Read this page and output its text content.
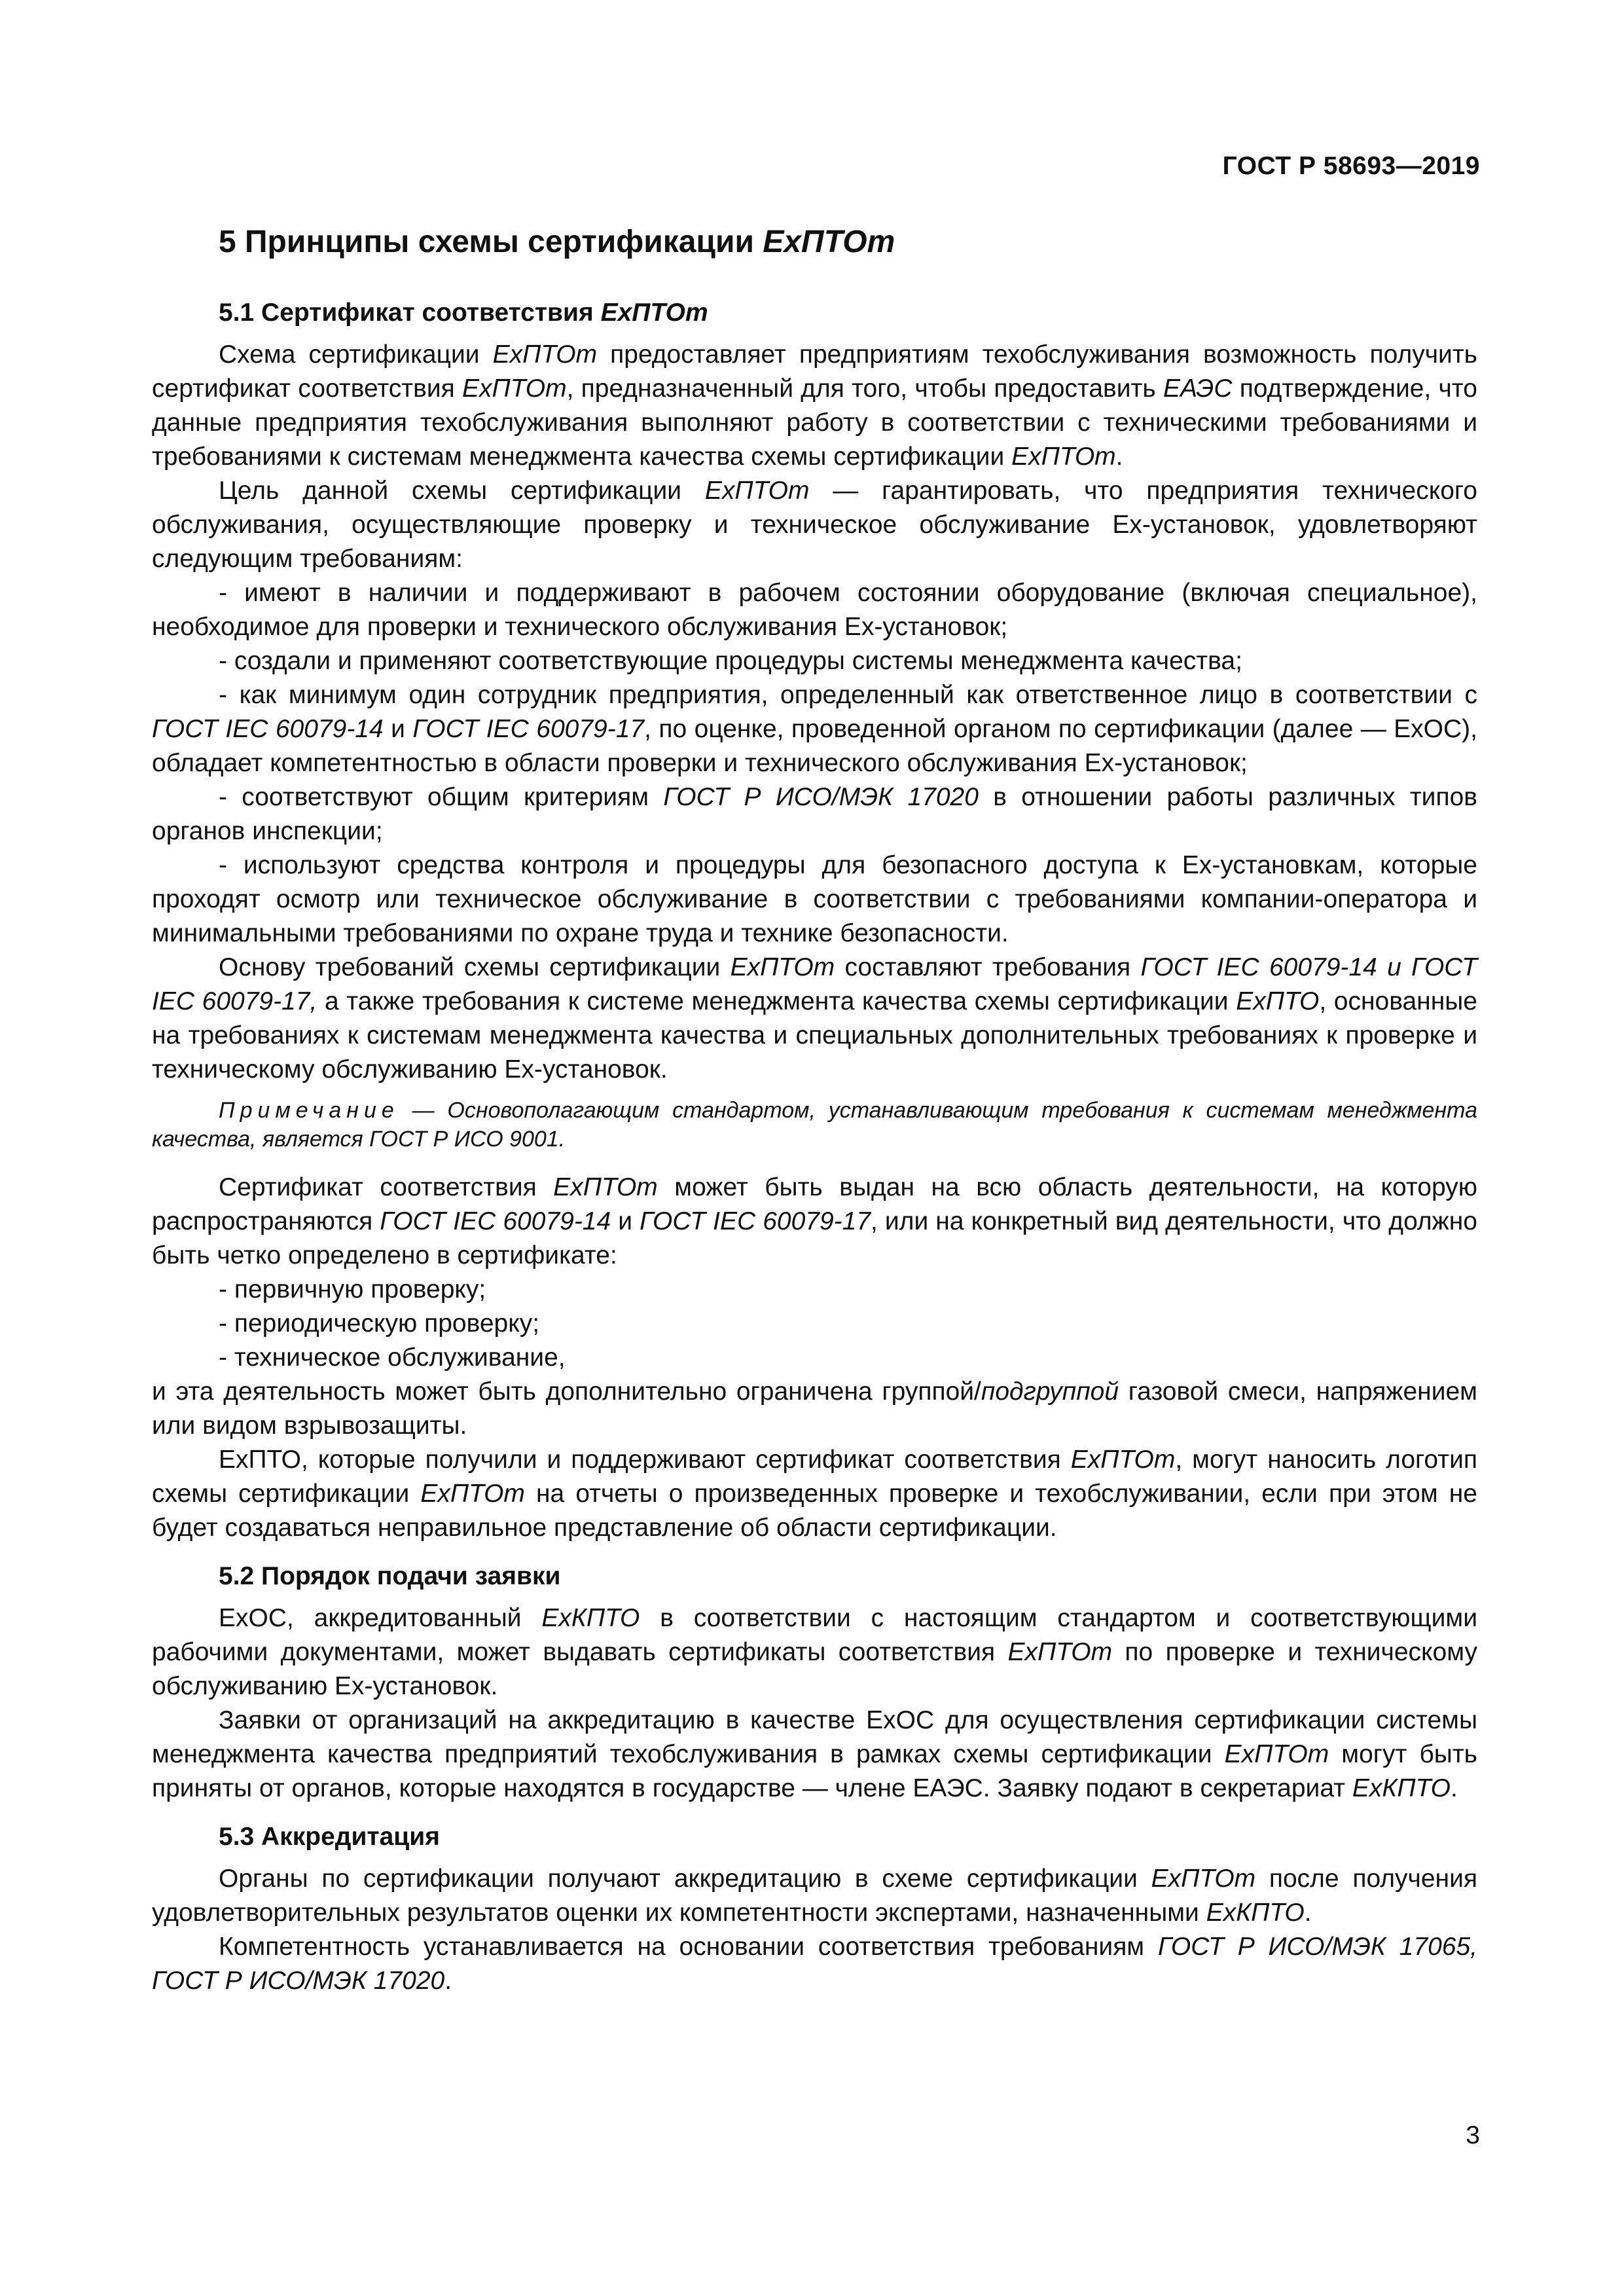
ГОСТ Р 58693—2019
5 Принципы схемы сертификации ExПТОт
5.1 Сертификат соответствия ExПТОт

Схема сертификации ExПТОт предоставляет предприятиям техобслуживания возможность получить сертификат соответствия ExПТОт, предназначенный для того, чтобы предоставить ЕАЭС подтверждение, что данные предприятия техобслуживания выполняют работу в соответствии с техническими требованиями и требованиями к системам менеджмента качества схемы сертификации ExПТОт.

Цель данной схемы сертификации ExПТОт — гарантировать, что предприятия технического обслуживания, осуществляющие проверку и техническое обслуживание Ex-установок, удовлетворяют следующим требованиям:

- имеют в наличии и поддерживают в рабочем состоянии оборудование (включая специальное), необходимое для проверки и технического обслуживания Ex-установок;

- создали и применяют соответствующие процедуры системы менеджмента качества;

- как минимум один сотрудник предприятия, определенный как ответственное лицо в соответствии с ГОСТ IEC 60079-14 и ГОСТ IEC 60079-17, по оценке, проведенной органом по сертификации (далее — ExOC), обладает компетентностью в области проверки и технического обслуживания Ex-установок;

- соответствуют общим критериям ГОСТ Р ИСО/МЭК 17020 в отношении работы различных типов органов инспекции;

- используют средства контроля и процедуры для безопасного доступа к Ex-установкам, которые проходят осмотр или техническое обслуживание в соответствии с требованиями компании-оператора и минимальными требованиями по охране труда и технике безопасности.

Основу требований схемы сертификации ExПТОт составляют требования ГОСТ IEC 60079-14 и ГОСТ IEC 60079-17, а также требования к системе менеджмента качества схемы сертификации ExПТО, основанные на требованиях к системам менеджмента качества и специальных дополнительных требованиях к проверке и техническому обслуживанию Ex-установок.

Примечание — Основополагающим стандартом, устанавливающим требования к системам менеджмента качества, является ГОСТ Р ИСО 9001.

Сертификат соответствия ExПТОт может быть выдан на всю область деятельности, на которую распространяются ГОСТ IEC 60079-14 и ГОСТ IEC 60079-17, или на конкретный вид деятельности, что должно быть четко определено в сертификате:

- первичную проверку;

- периодическую проверку;

- техническое обслуживание,

и эта деятельность может быть дополнительно ограничена группой/подгруппой газовой смеси, напряжением или видом взрывозащиты.

ExПТО, которые получили и поддерживают сертификат соответствия ExПТОт, могут наносить логотип схемы сертификации ExПТОт на отчеты о произведенных проверке и техобслуживании, если при этом не будет создаваться неправильное представление об области сертификации.

5.2 Порядок подачи заявки

ExOC, аккредитованный ExКПТО в соответствии с настоящим стандартом и соответствующими рабочими документами, может выдавать сертификаты соответствия ExПТОт по проверке и техническому обслуживанию Ex-установок.

Заявки от организаций на аккредитацию в качестве ExOC для осуществления сертификации системы менеджмента качества предприятий техобслуживания в рамках схемы сертификации ExПТОт могут быть приняты от органов, которые находятся в государстве — члене ЕАЭС. Заявку подают в секретариат ExКПТО.

5.3 Аккредитация

Органы по сертификации получают аккредитацию в схеме сертификации ExПТОт после получения удовлетворительных результатов оценки их компетентности экспертами, назначенными ExКПТО.

Компетентность устанавливается на основании соответствия требованиям ГОСТ Р ИСО/МЭК 17065, ГОСТ Р ИСО/МЭК 17020.

3
